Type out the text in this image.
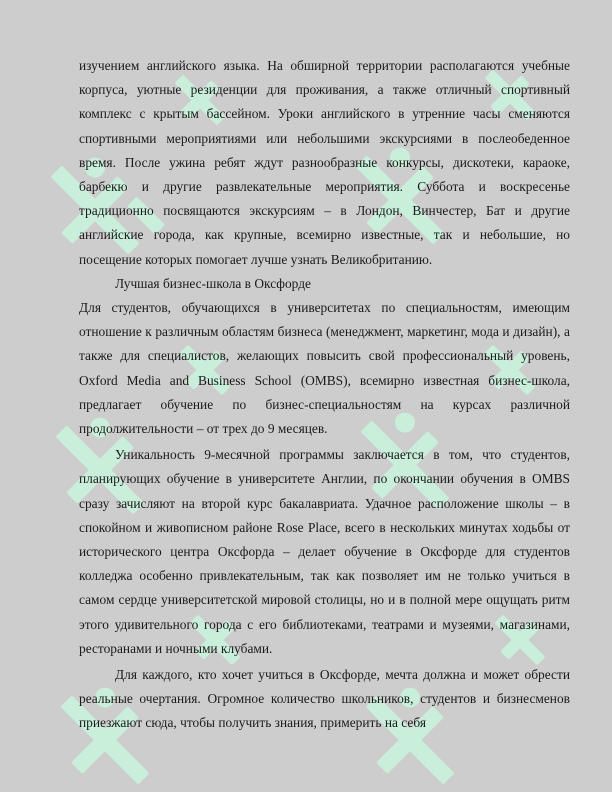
изучением английского языка. На обширной территории располагаются учебные корпуса, уютные резиденции для проживания, а также отличный спортивный комплекс с крытым бассейном. Уроки английского в утренние часы сменяются спортивными мероприятиями или небольшими экскурсиями в послеобеденное время. После ужина ребят ждут разнообразные конкурсы, дискотеки, караоке, барбекю и другие развлекательные мероприятия. Суббота и воскресенье традиционно посвящаются экскурсиям – в Лондон, Винчестер, Бат и другие английские города, как крупные, всемирно известные, так и небольшие, но посещение которых помогает лучше узнать Великобританию.

Лучшая бизнес-школа в Оксфорде

Для студентов, обучающихся в университетах по специальностям, имеющим отношение к различным областям бизнеса (менеджмент, маркетинг, мода и дизайн), а также для специалистов, желающих повысить свой профессиональный уровень, Oxford Media and Business School (OMBS), всемирно известная бизнес-школа, предлагает обучение по бизнес-специальностям на курсах различной продолжительности – от трех до 9 месяцев.

Уникальность 9-месячной программы заключается в том, что студентов, планирующих обучение в университете Англии, по окончании обучения в OMBS сразу зачисляют на второй курс бакалавриата. Удачное расположение школы – в спокойном и живописном районе Rose Place, всего в нескольких минутах ходьбы от исторического центра Оксфорда – делает обучение в Оксфорде для студентов колледжа особенно привлекательным, так как позволяет им не только учиться в самом сердце университетской мировой столицы, но и в полной мере ощущать ритм этого удивительного города с его библиотеками, театрами и музеями, магазинами, ресторанами и ночными клубами.

Для каждого, кто хочет учиться в Оксфорде, мечта должна и может обрести реальные очертания. Огромное количество школьников, студентов и бизнесменов приезжают сюда, чтобы получить знания, примерить на себя
